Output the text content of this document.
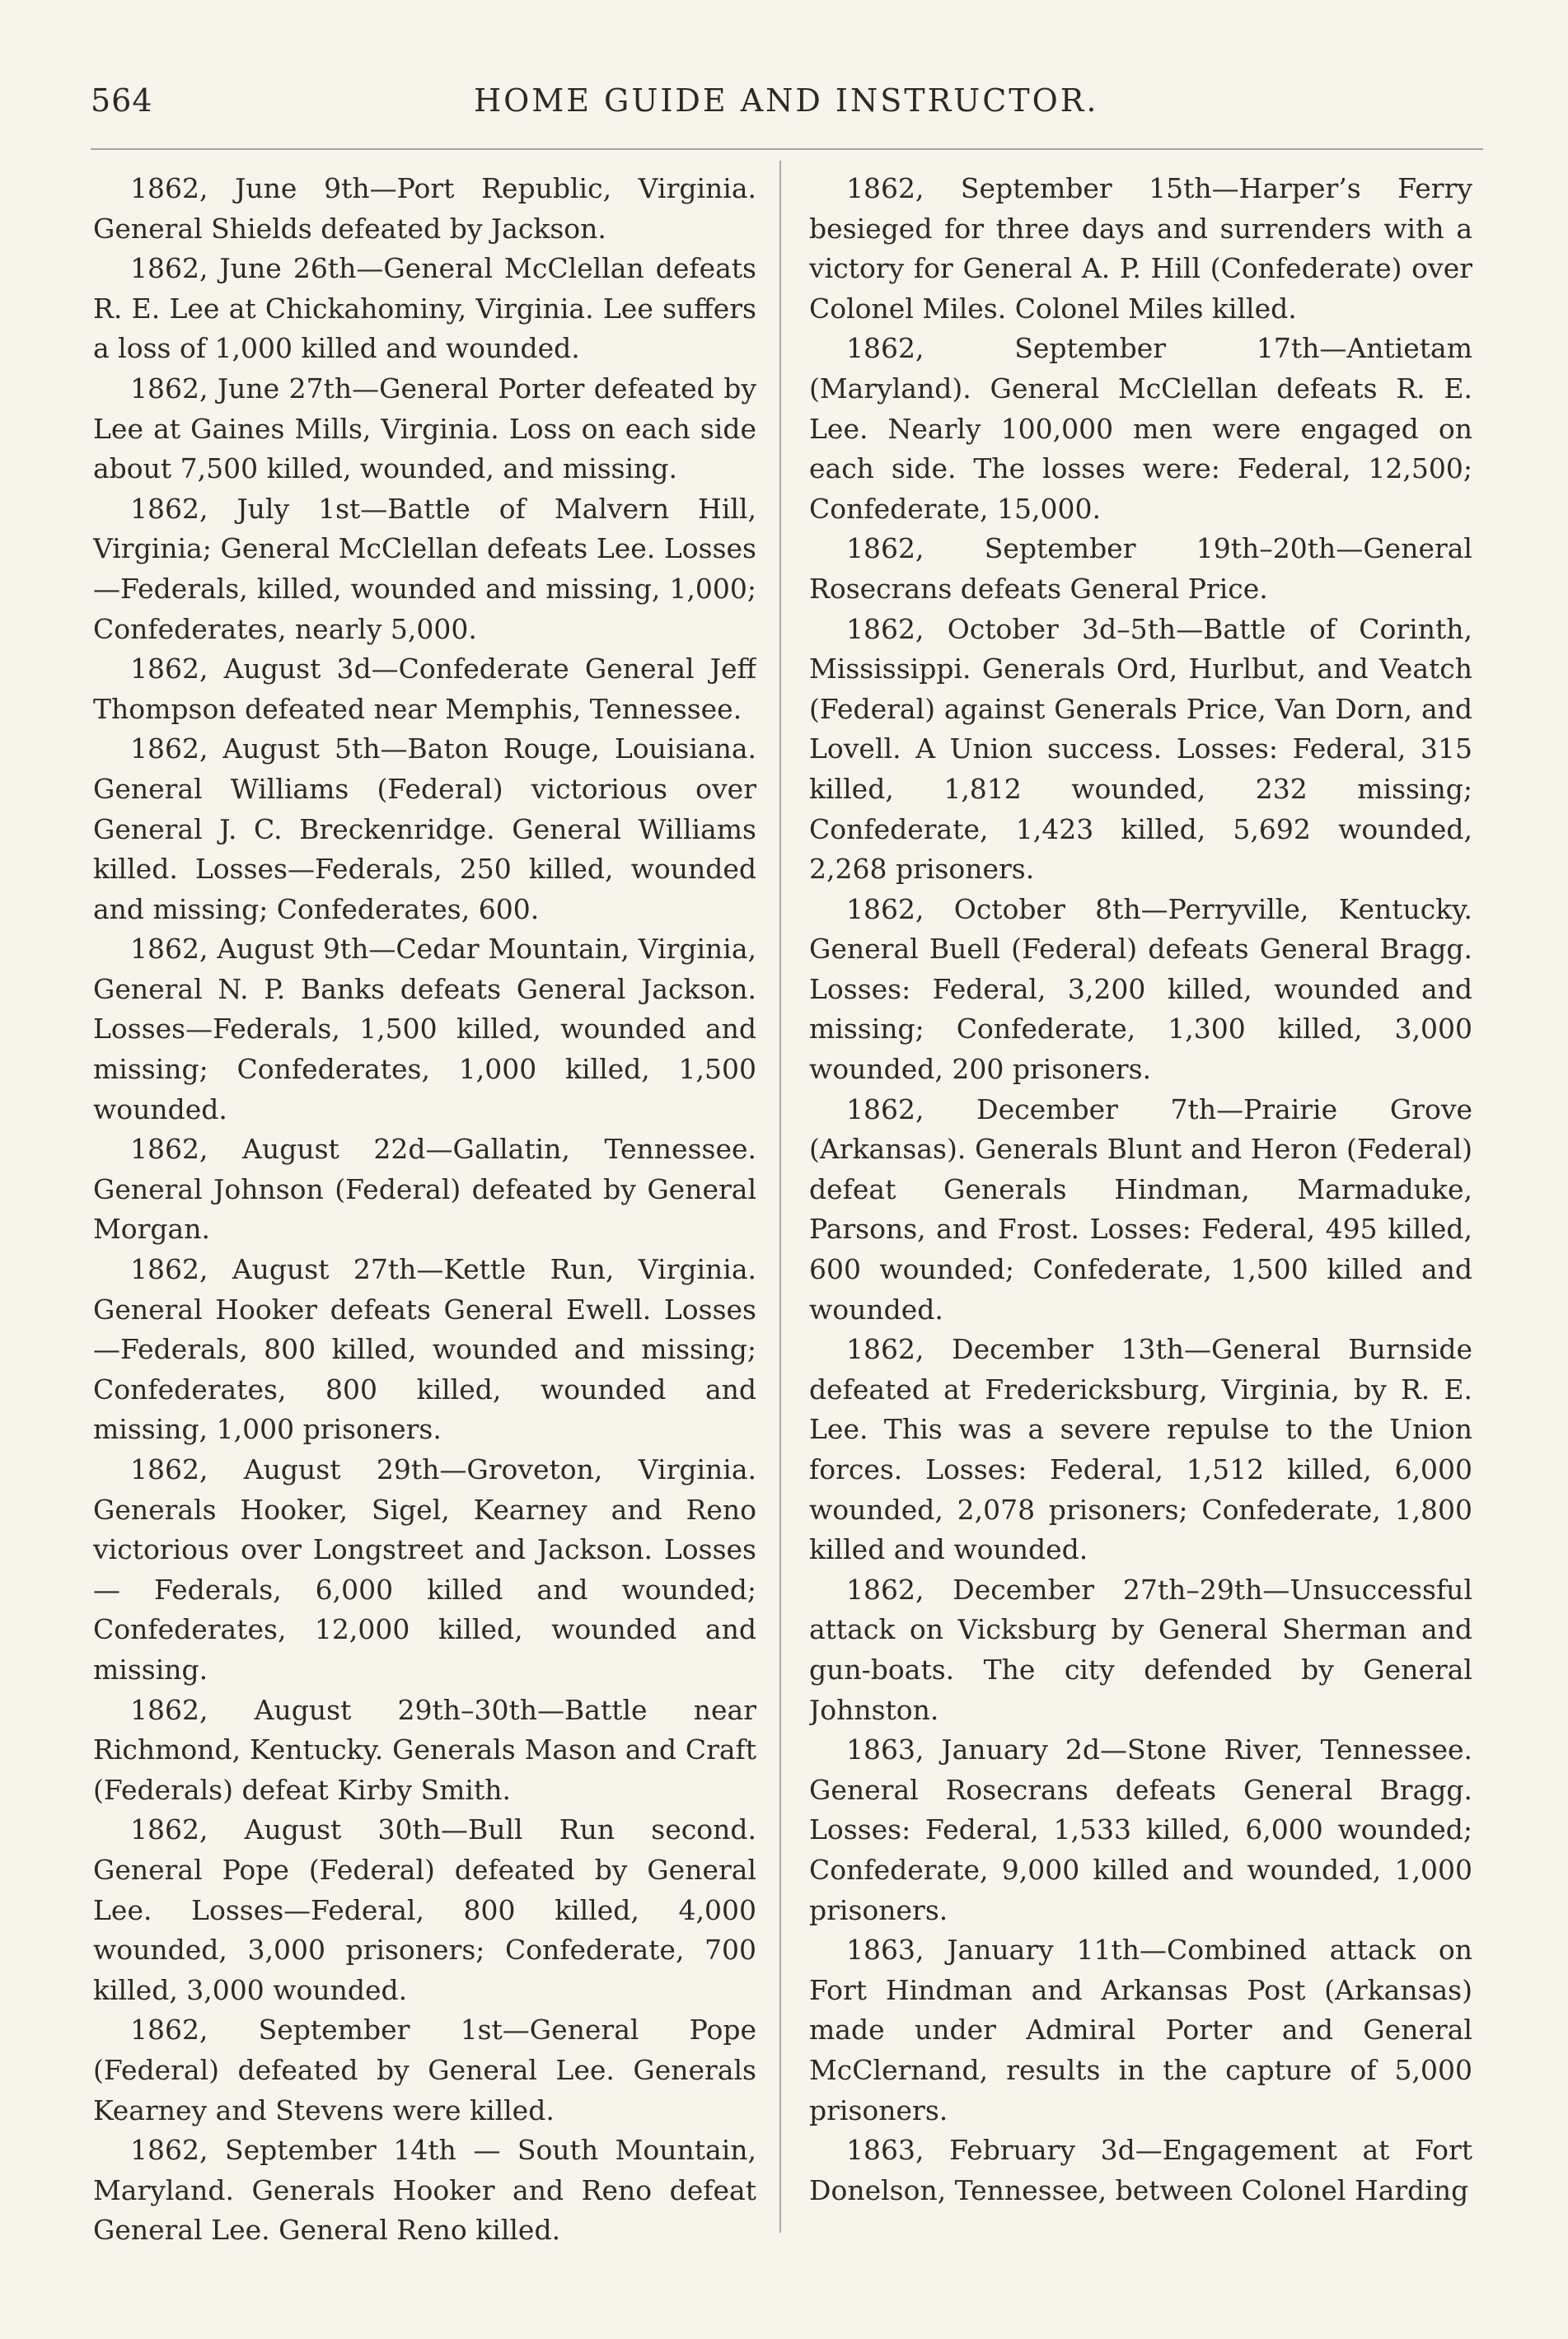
564	HOME GUIDE AND INSTRUCTOR.

1862, June 9th—Port Republic, Virginia. General Shields defeated by Jackson.

1862, June 26th—General McClellan defeats R. E. Lee at Chickahominy, Virginia. Lee suffers a loss of 1,000 killed and wounded.

1862, June 27th—General Porter defeated by Lee at Gaines Mills, Virginia. Loss on each side about 7,500 killed, wounded, and missing.

1862, July 1st—Battle of Malvern Hill, Virginia; General McClellan defeats Lee. Losses —Federals, killed, wounded and missing, 1,000; Confederates, nearly 5,000.

1862, August 3d—Confederate General Jeff Thompson defeated near Memphis, Tennessee.

1862, August 5th—Baton Rouge, Louisiana. General Williams (Federal) victorious over General J. C. Breckenridge. General Williams killed. Losses—Federals, 250 killed, wounded and missing; Confederates, 600.

1862, August 9th—Cedar Mountain, Virginia, General N. P. Banks defeats General Jackson. Losses—Federals, 1,500 killed, wounded and missing; Confederates, 1,000 killed, 1,500 wounded.

1862, August 22d—Gallatin, Tennessee. General Johnson (Federal) defeated by General Morgan.

1862, August 27th—Kettle Run, Virginia. General Hooker defeats General Ewell. Losses —Federals, 800 killed, wounded and missing; Confederates, 800 killed, wounded and missing, 1,000 prisoners.

1862, August 29th—Groveton, Virginia. Generals Hooker, Sigel, Kearney and Reno victorious over Longstreet and Jackson. Losses— Federals, 6,000 killed and wounded; Confederates, 12,000 killed, wounded and missing.

1862, August 29th–30th—Battle near Richmond, Kentucky. Generals Mason and Craft (Federals) defeat Kirby Smith.

1862, August 30th—Bull Run second. General Pope (Federal) defeated by General Lee. Losses—Federal, 800 killed, 4,000 wounded, 3,000 prisoners; Confederate, 700 killed, 3,000 wounded.

1862, September 1st—General Pope (Federal) defeated by General Lee. Generals Kearney and Stevens were killed.

1862, September 14th — South Mountain, Maryland. Generals Hooker and Reno defeat General Lee. General Reno killed.

1862, September 15th—Harper’s Ferry besieged for three days and surrenders with a victory for General A. P. Hill (Confederate) over Colonel Miles. Colonel Miles killed.

1862, September 17th—Antietam (Maryland). General McClellan defeats R. E. Lee. Nearly 100,000 men were engaged on each side. The losses were: Federal, 12,500; Confederate, 15,000.

1862, September 19th–20th—General Rosecrans defeats General Price.

1862, October 3d–5th—Battle of Corinth, Mississippi. Generals Ord, Hurlbut, and Veatch (Federal) against Generals Price, Van Dorn, and Lovell. A Union success. Losses: Federal, 315 killed, 1,812 wounded, 232 missing; Confederate, 1,423 killed, 5,692 wounded, 2,268 prisoners.

1862, October 8th—Perryville, Kentucky. General Buell (Federal) defeats General Bragg. Losses: Federal, 3,200 killed, wounded and missing; Confederate, 1,300 killed, 3,000 wounded, 200 prisoners.

1862, December 7th—Prairie Grove (Arkansas). Generals Blunt and Heron (Federal) defeat Generals Hindman, Marmaduke, Parsons, and Frost. Losses: Federal, 495 killed, 600 wounded; Confederate, 1,500 killed and wounded.

1862, December 13th—General Burnside defeated at Fredericksburg, Virginia, by R. E. Lee. This was a severe repulse to the Union forces. Losses: Federal, 1,512 killed, 6,000 wounded, 2,078 prisoners; Confederate, 1,800 killed and wounded.

1862, December 27th–29th—Unsuccessful attack on Vicksburg by General Sherman and gun-boats. The city defended by General Johnston.

1863, January 2d—Stone River, Tennessee. General Rosecrans defeats General Bragg. Losses: Federal, 1,533 killed, 6,000 wounded; Confederate, 9,000 killed and wounded, 1,000 prisoners.

1863, January 11th—Combined attack on Fort Hindman and Arkansas Post (Arkansas) made under Admiral Porter and General McClernand, results in the capture of 5,000 prisoners.

1863, February 3d—Engagement at Fort Donelson, Tennessee, between Colonel Harding
